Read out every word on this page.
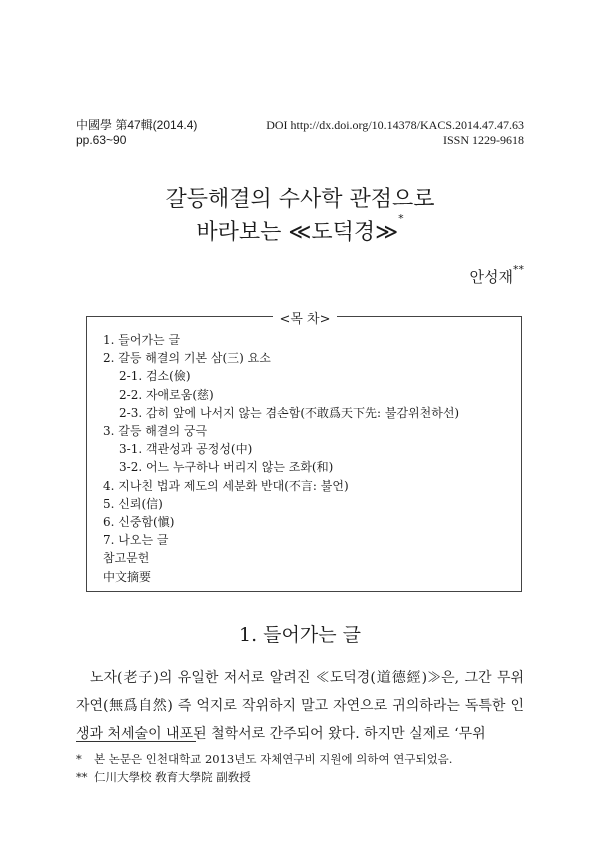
中國學 第47輯(2014.4)
pp.63~90
DOI http://dx.doi.org/10.14378/KACS.2014.47.47.63
ISSN 1229-9618
갈등해결의 수사학 관점으로
바라보는 ≪도덕경≫*
안성재**
<목 차>
1. 들어가는 글
2. 갈등 해결의 기본 삼(三) 요소
2-1. 검소(儉)
2-2. 자애로움(慈)
2-3. 감히 앞에 나서지 않는 겸손함(不敢爲天下先: 불감위천하선)
3. 갈등 해결의 궁극
3-1. 객관성과 공정성(中)
3-2. 어느 누구하나 버리지 않는 조화(和)
4. 지나친 법과 제도의 세분화 반대(不言: 불언)
5. 신뢰(信)
6. 신중함(愼)
7. 나오는 글
참고문헌
中文摘要
1. 들어가는 글

노자(老子)의 유일한 저서로 알려진 ≪도덕경(道德經)≫은, 그간 무위자연(無爲自然) 즉 억지로 작위하지 말고 자연으로 귀의하라는 독특한 인생과 처세술이 내포된 철학서로 간주되어 왔다. 하지만 실제로 ‘무위

* 본 논문은 인천대학교 2013년도 자체연구비 지원에 의하여 연구되었음.
** 仁川大學校 敎育大學院 副敎授
